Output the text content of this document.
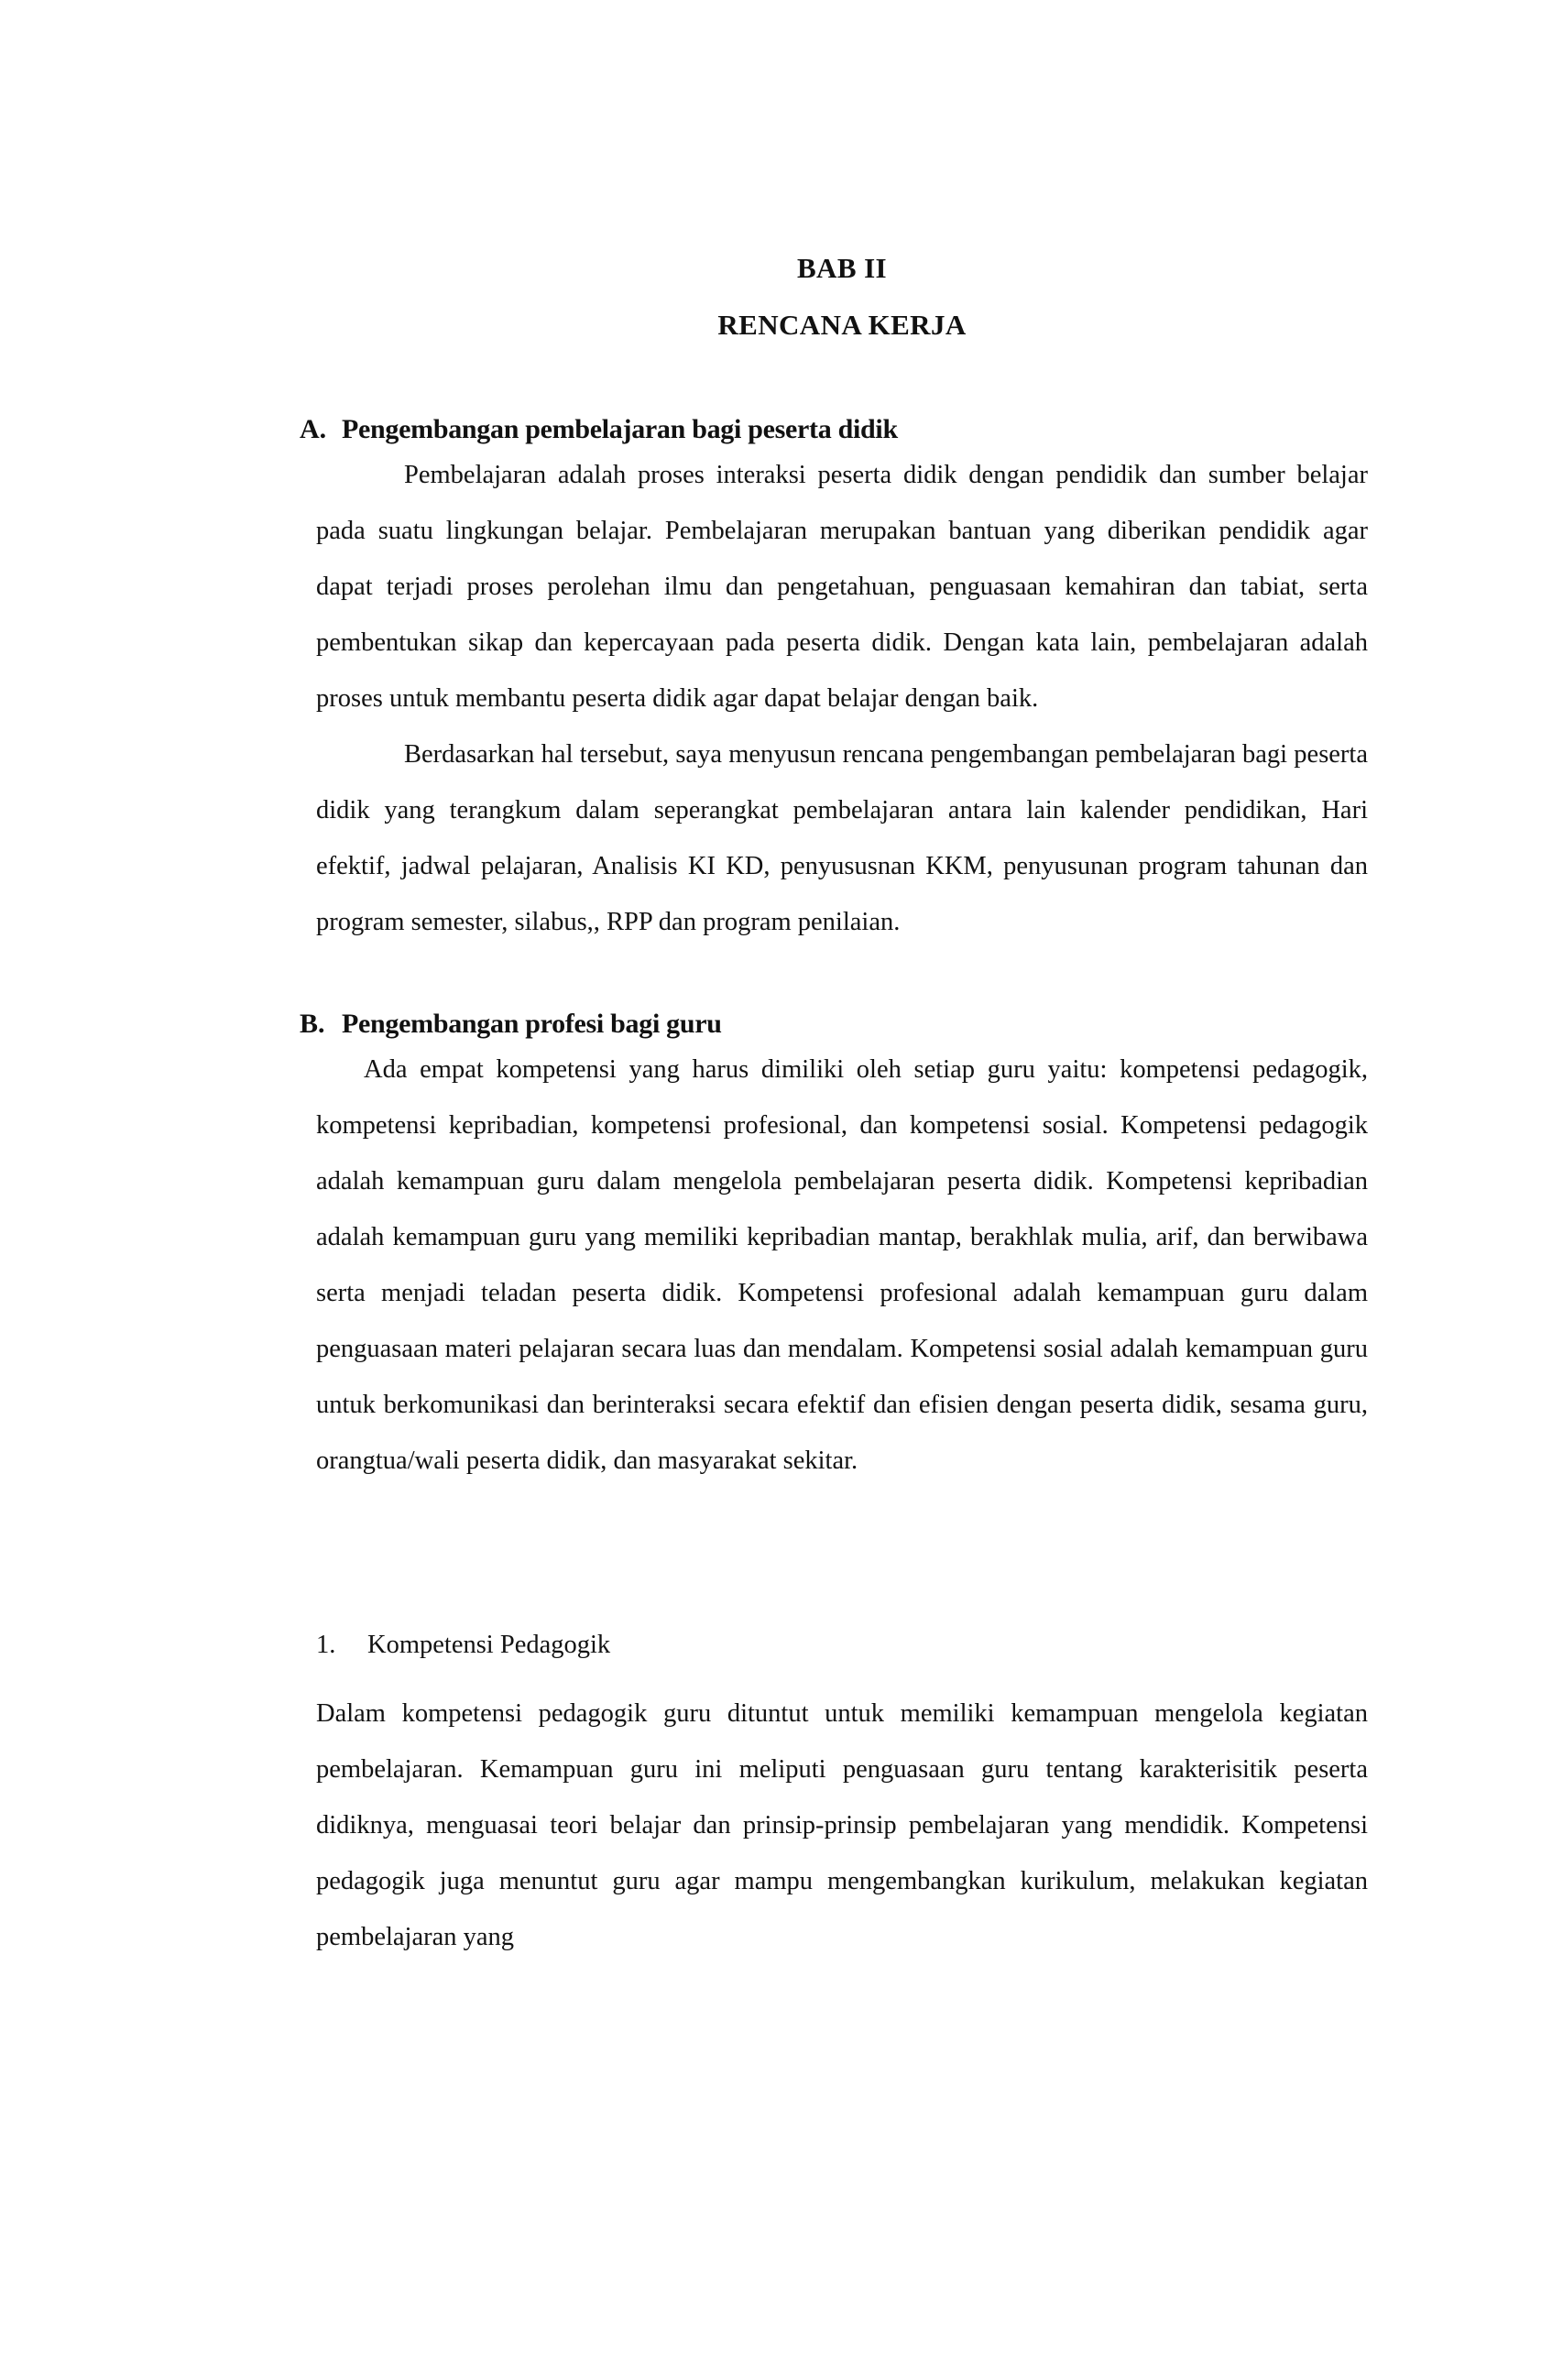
BAB II
RENCANA KERJA
A. Pengembangan pembelajaran bagi peserta didik

Pembelajaran adalah proses interaksi peserta didik dengan pendidik dan sumber belajar pada suatu lingkungan belajar. Pembelajaran merupakan bantuan yang diberikan pendidik agar dapat terjadi proses perolehan ilmu dan pengetahuan, penguasaan kemahiran dan tabiat, serta pembentukan sikap dan kepercayaan pada peserta didik. Dengan kata lain, pembelajaran adalah proses untuk membantu peserta didik agar dapat belajar dengan baik.

Berdasarkan hal tersebut, saya menyusun rencana pengembangan pembelajaran bagi peserta didik yang terangkum dalam seperangkat pembelajaran antara lain kalender pendidikan, Hari efektif, jadwal pelajaran, Analisis KI KD, penyususnan KKM, penyusunan program tahunan dan program semester, silabus,, RPP dan program penilaian.

B. Pengembangan profesi bagi guru

Ada empat kompetensi yang harus dimiliki oleh setiap guru yaitu: kompetensi pedagogik, kompetensi kepribadian, kompetensi profesional, dan kompetensi sosial. Kompetensi pedagogik adalah kemampuan guru dalam mengelola pembelajaran peserta didik. Kompetensi kepribadian adalah kemampuan guru yang memiliki kepribadian mantap, berakhlak mulia, arif, dan berwibawa serta menjadi teladan peserta didik. Kompetensi profesional adalah kemampuan guru dalam penguasaan materi pelajaran secara luas dan mendalam. Kompetensi sosial adalah kemampuan guru untuk berkomunikasi dan berinteraksi secara efektif dan efisien dengan peserta didik, sesama guru, orangtua/wali peserta didik, dan masyarakat sekitar.

1.	Kompetensi Pedagogik

Dalam kompetensi pedagogik guru dituntut untuk memiliki kemampuan mengelola kegiatan pembelajaran. Kemampuan guru ini meliputi penguasaan guru tentang karakterisitik peserta didiknya, menguasai teori belajar dan prinsip-prinsip pembelajaran yang mendidik. Kompetensi pedagogik juga menuntut guru agar mampu mengembangkan kurikulum, melakukan kegiatan pembelajaran yang
